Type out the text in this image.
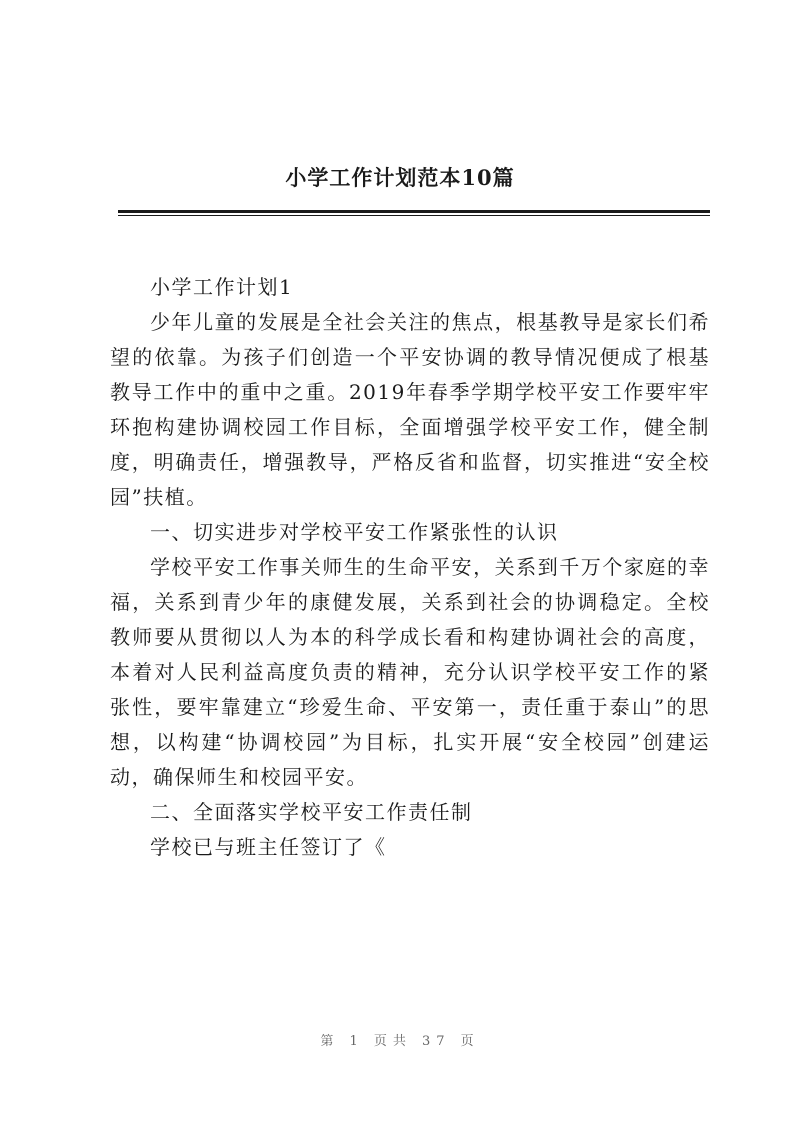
小学工作计划范本10篇

小学工作计划1

少年儿童的发展是全社会关注的焦点，根基教导是家长们希望的依靠。为孩子们创造一个平安协调的教导情况便成了根基教导工作中的重中之重。2019年春季学期学校平安工作要牢牢环抱构建协调校园工作目标，全面增强学校平安工作，健全制度，明确责任，增强教导，严格反省和监督，切实推进“安全校园”扶植。

一、切实进步对学校平安工作紧张性的认识

学校平安工作事关师生的生命平安，关系到千万个家庭的幸福，关系到青少年的康健发展，关系到社会的协调稳定。全校教师要从贯彻以人为本的科学成长看和构建协调社会的高度，本着对人民利益高度负责的精神，充分认识学校平安工作的紧张性，要牢靠建立“珍爱生命、平安第一，责任重于泰山”的思想，以构建“协调校园”为目标，扎实开展“安全校园”创建运动，确保师生和校园平安。

二、全面落实学校平安工作责任制

学校已与班主任签订了《

第 1 页共 37 页
